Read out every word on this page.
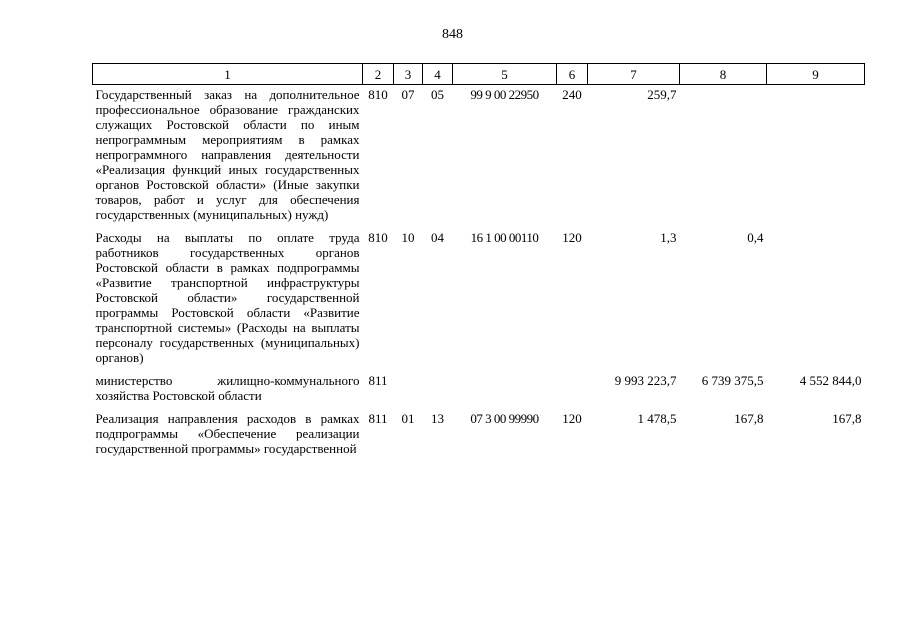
848
1	2	3	4	5	6	7	8	9
Государственный заказ на дополнительное профессиональное образование гражданских служащих Ростовской области по иным непрограммным мероприятиям в рамках непрограммного направления деятельности «Реализация функций иных государственных органов Ростовской области» (Иные закупки товаров, работ и услуг для обеспечения государственных (муниципальных) нужд)	810	07	05	99 9 00 22950	240	259,7		
Расходы на выплаты по оплате труда работников государственных органов Ростовской области в рамках подпрограммы «Развитие транспортной инфраструктуры Ростовской области» государственной программы Ростовской области «Развитие транспортной системы» (Расходы на выплаты персоналу государственных (муниципальных) органов)	810	10	04	16 1 00 00110	120	1,3	0,4	
министерство жилищно-коммунального хозяйства Ростовской области	811					9 993 223,7	6 739 375,5	4 552 844,0
Реализация направления расходов в рамках подпрограммы «Обеспечение реализации государственной программы» государственной	811	01	13	07 3 00 99990	120	1 478,5	167,8	167,8
